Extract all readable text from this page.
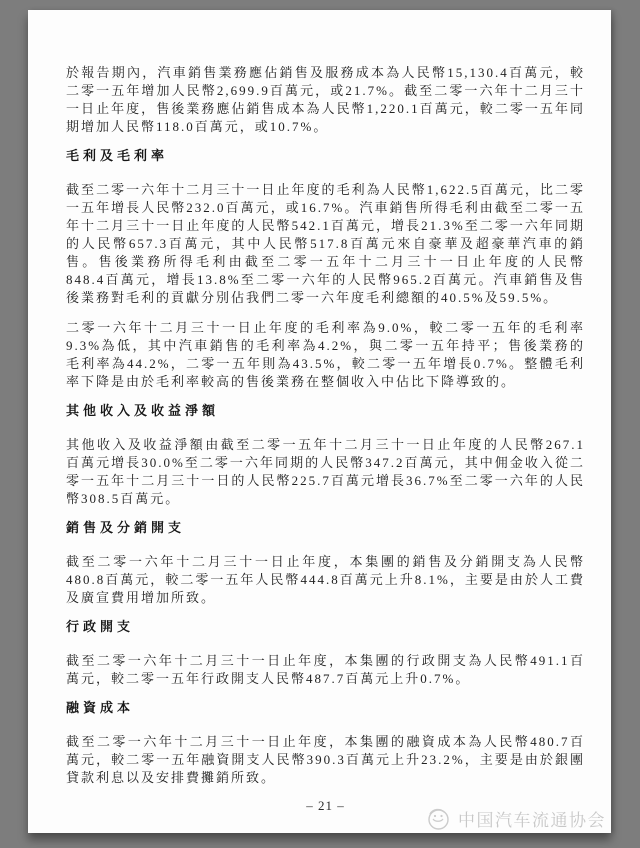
於報告期內，汽車銷售業務應佔銷售及服務成本為人民幣15,130.4百萬元，較二零一五年增加人民幣2,699.9百萬元，或21.7%。截至二零一六年十二月三十一日止年度，售後業務應佔銷售成本為人民幣1,220.1百萬元，較二零一五年同期增加人民幣118.0百萬元，或10.7%。

毛利及毛利率

截至二零一六年十二月三十一日止年度的毛利為人民幣1,622.5百萬元，比二零一五年增長人民幣232.0百萬元，或16.7%。汽車銷售所得毛利由截至二零一五年十二月三十一日止年度的人民幣542.1百萬元，增長21.3%至二零一六年同期的人民幣657.3百萬元，其中人民幣517.8百萬元來自豪華及超豪華汽車的銷售。售後業務所得毛利由截至二零一五年十二月三十一日止年度的人民幣848.4百萬元，增長13.8%至二零一六年的人民幣965.2百萬元。汽車銷售及售後業務對毛利的貢獻分別佔我們二零一六年度毛利總額的40.5%及59.5%。

二零一六年十二月三十一日止年度的毛利率為9.0%，較二零一五年的毛利率9.3%為低，其中汽車銷售的毛利率為4.2%，與二零一五年持平；售後業務的毛利率為44.2%，二零一五年則為43.5%，較二零一五年增長0.7%。整體毛利率下降是由於毛利率較高的售後業務在整個收入中佔比下降導致的。

其他收入及收益淨額

其他收入及收益淨額由截至二零一五年十二月三十一日止年度的人民幣267.1百萬元增長30.0%至二零一六年同期的人民幣347.2百萬元，其中佣金收入從二零一五年十二月三十一日的人民幣225.7百萬元增長36.7%至二零一六年的人民幣308.5百萬元。

銷售及分銷開支

截至二零一六年十二月三十一日止年度，本集團的銷售及分銷開支為人民幣480.8百萬元，較二零一五年人民幣444.8百萬元上升8.1%，主要是由於人工費及廣宣費用增加所致。

行政開支

截至二零一六年十二月三十一日止年度，本集團的行政開支為人民幣491.1百萬元，較二零一五年行政開支人民幣487.7百萬元上升0.7%。

融資成本

截至二零一六年十二月三十一日止年度，本集團的融資成本為人民幣480.7百萬元，較二零一五年融資開支人民幣390.3百萬元上升23.2%，主要是由於銀團貸款利息以及安排費攤銷所致。

– 21 –
中国汽车流通协会
